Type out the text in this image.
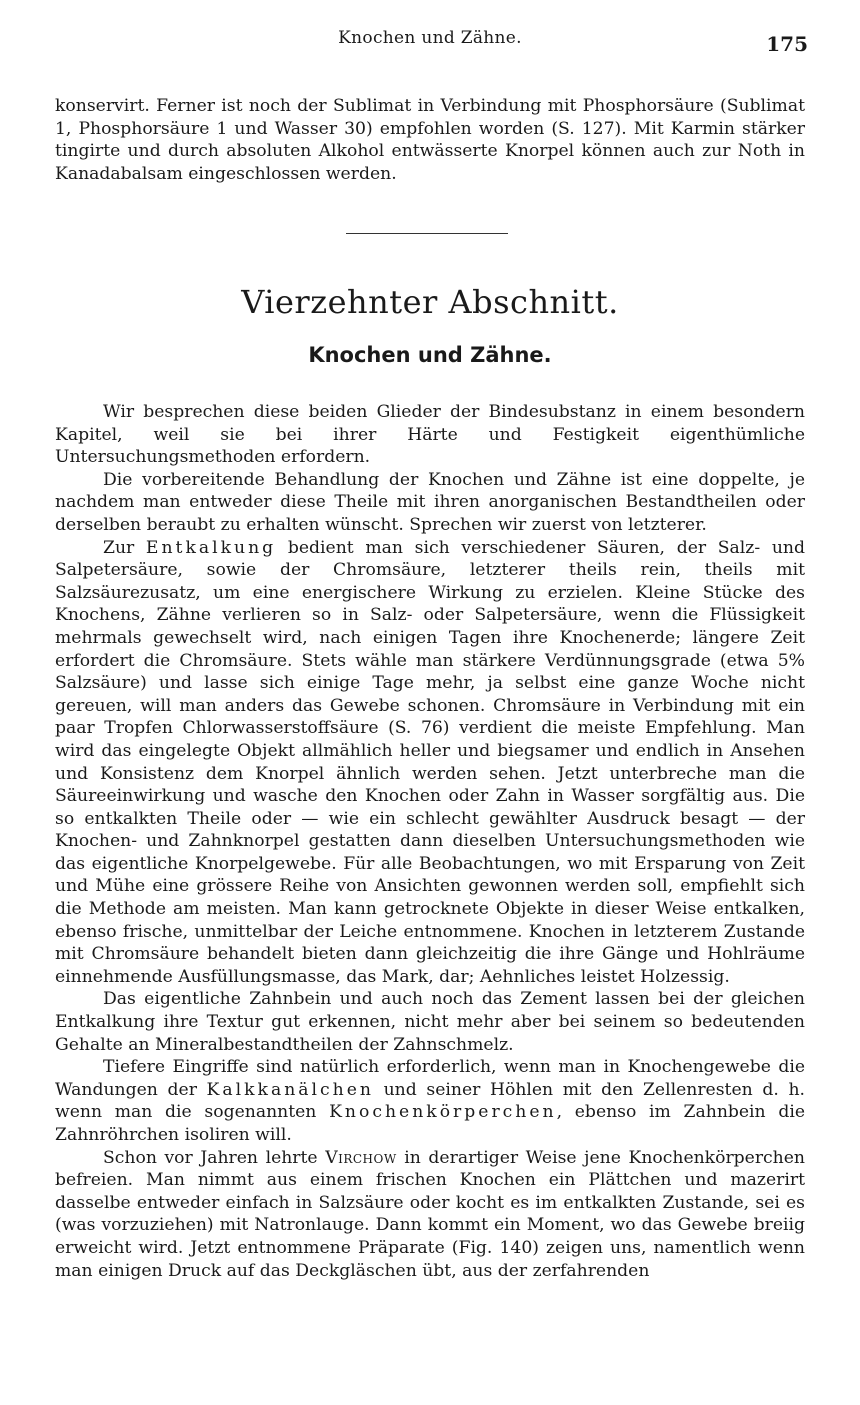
Knochen und Zähne.	175

konservirt. Ferner ist noch der Sublimat in Verbindung mit Phosphorsäure (Sublimat 1, Phosphorsäure 1 und Wasser 30) empfohlen worden (S. 127). Mit Karmin stärker tingirte und durch absoluten Alkohol entwässerte Knorpel können auch zur Noth in Kanadabalsam eingeschlossen werden.

Vierzehnter Abschnitt.
Knochen und Zähne.

Wir besprechen diese beiden Glieder der Bindesubstanz in einem besondern Kapitel, weil sie bei ihrer Härte und Festigkeit eigenthümliche Untersuchungsmethoden erfordern.

Die vorbereitende Behandlung der Knochen und Zähne ist eine doppelte, je nachdem man entweder diese Theile mit ihren anorganischen Bestandtheilen oder derselben beraubt zu erhalten wünscht. Sprechen wir zuerst von letzterer.

Zur Entkalkung bedient man sich verschiedener Säuren, der Salz- und Salpetersäure, sowie der Chromsäure, letzterer theils rein, theils mit Salzsäurezusatz, um eine energischere Wirkung zu erzielen. Kleine Stücke des Knochens, Zähne verlieren so in Salz- oder Salpetersäure, wenn die Flüssigkeit mehrmals gewechselt wird, nach einigen Tagen ihre Knochenerde; längere Zeit erfordert die Chromsäure. Stets wähle man stärkere Verdünnungsgrade (etwa 5% Salzsäure) und lasse sich einige Tage mehr, ja selbst eine ganze Woche nicht gereuen, will man anders das Gewebe schonen. Chromsäure in Verbindung mit ein paar Tropfen Chlorwasserstoffsäure (S. 76) verdient die meiste Empfehlung. Man wird das eingelegte Objekt allmählich heller und biegsamer und endlich in Ansehen und Konsistenz dem Knorpel ähnlich werden sehen. Jetzt unterbreche man die Säureeinwirkung und wasche den Knochen oder Zahn in Wasser sorgfältig aus. Die so entkalkten Theile oder — wie ein schlecht gewählter Ausdruck besagt — der Knochen- und Zahnknorpel gestatten dann dieselben Untersuchungsmethoden wie das eigentliche Knorpelgewebe. Für alle Beobachtungen, wo mit Ersparung von Zeit und Mühe eine grössere Reihe von Ansichten gewonnen werden soll, empfiehlt sich die Methode am meisten. Man kann getrocknete Objekte in dieser Weise entkalken, ebenso frische, unmittelbar der Leiche entnommene. Knochen in letzterem Zustande mit Chromsäure behandelt bieten dann gleichzeitig die ihre Gänge und Hohlräume einnehmende Ausfüllungsmasse, das Mark, dar; Aehnliches leistet Holzessig.

Das eigentliche Zahnbein und auch noch das Zement lassen bei der gleichen Entkalkung ihre Textur gut erkennen, nicht mehr aber bei seinem so bedeutenden Gehalte an Mineralbestandtheilen der Zahnschmelz.

Tiefere Eingriffe sind natürlich erforderlich, wenn man in Knochengewebe die Wandungen der Kalkkanälchen und seiner Höhlen mit den Zellenresten d. h. wenn man die sogenannten Knochenkörperchen, ebenso im Zahnbein die Zahnröhrchen isoliren will.

Schon vor Jahren lehrte Virchow in derartiger Weise jene Knochenkörperchen befreien. Man nimmt aus einem frischen Knochen ein Plättchen und mazerirt dasselbe entweder einfach in Salzsäure oder kocht es im entkalkten Zustande, sei es (was vorzuziehen) mit Natronlauge. Dann kommt ein Moment, wo das Gewebe breiig erweicht wird. Jetzt entnommene Präparate (Fig. 140) zeigen uns, namentlich wenn man einigen Druck auf das Deckgläschen übt, aus der zerfahrenden
